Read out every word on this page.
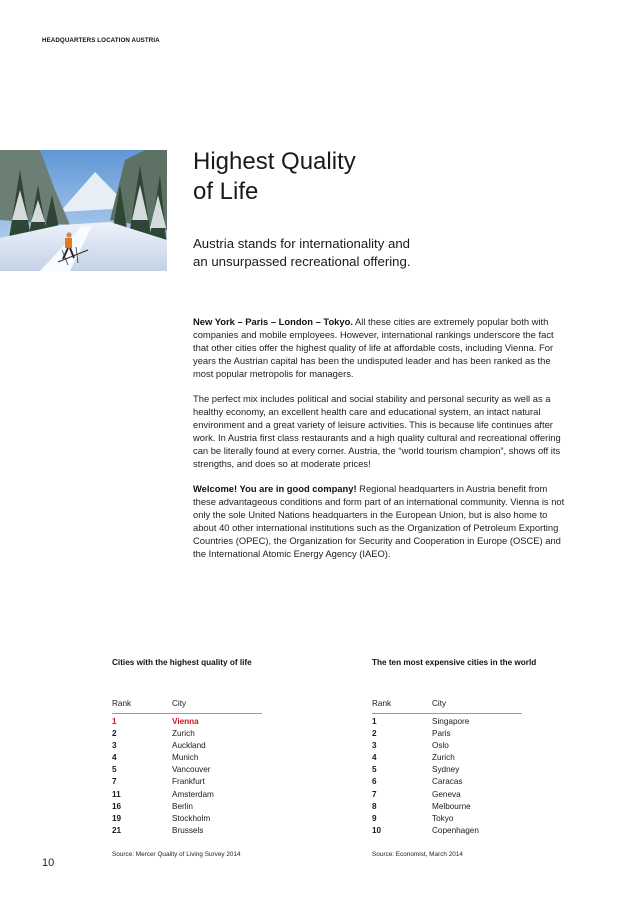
HEADQUARTERS LOCATION AUSTRIA
Highest Quality
of Life

Austria stands for internationality and
an unsurpassed recreational offering.

New York – Paris – London – Tokyo. All these cities are extremely popular both with companies and mobile employees. However, international rankings underscore the fact that other cities offer the highest quality of life at affordable costs, including Vienna. For years the Austrian capital has been the undisputed leader and has been ranked as the most popular metropolis for managers.

The perfect mix includes political and social stability and personal security as well as a healthy economy, an excellent health care and educational system, an intact natural environment and a great variety of leisure activities. This is because life continues after work. In Austria first class restaurants and a high quality cultural and recreational offering can be literally found at every corner. Austria, the “world tourism champion”, shows off its strengths, and does so at moderate prices!

Welcome! You are in good company! Regional headquarters in Austria benefit from these advantageous conditions and form part of an international community. Vienna is not only the sole United Nations headquarters in the European Union, but is also home to about 40 other international institutions such as the Organization of Petroleum Exporting Countries (OPEC), the Organization for Security and Cooperation in Europe (OSCE) and the International Atomic Energy Agency (IAEO).

Cities with the highest quality of life
Rank	City
1	Vienna
2	Zurich
3	Auckland
4	Munich
5	Vancouver
7	Frankfurt
11	Amsterdam
16	Berlin
19	Stockholm
21	Brussels
Source: Mercer Quality of Living Survey 2014
The ten most expensive cities in the world
Rank	City
1	Singapore
2	Paris
3	Oslo
4	Zurich
5	Sydney
6	Caracas
7	Geneva
8	Melbourne
9	Tokyo
10	Copenhagen
Source: Economist, March 2014
10
